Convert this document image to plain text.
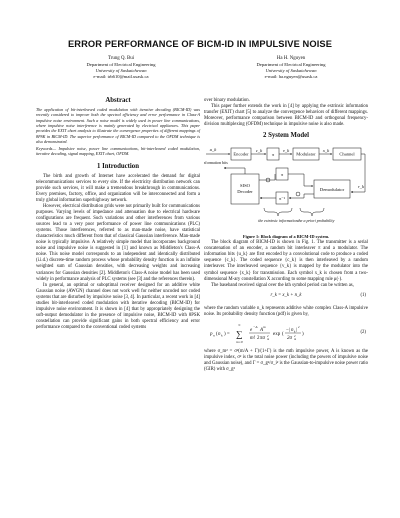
ERROR PERFORMANCE OF BICM-ID IN IMPULSIVE NOISE
Trung Q. Bui
Department of Electrical Engineering
University of Saskatchewan
e-mail: trb610@mail.usask.ca
Ha H. Nguyen
Department of Electrical Engineering
University of Saskatchewan
e-mail: ha.nguyen@usask.ca
Abstract
The application of bit-interleaved coded modulation with iterative decoding (BICM-ID) was recently considered to improve both the spectral efficiency and error performance in Class-A impulsive noise environment. Such a noise model is widely used in power line communications, where impulsive noise interference is mainly generated by electrical appliances. This paper provides the EXIT chart analysis to illustrate the convergence properties of different mappings of 8PSK in BICM-ID. The superior performance of BICM-ID compared to the OFDM technique is also demonstrated.
Keywords— Impulsive noise, power line communications, bit-interleaved coded modulation, iterative decoding, signal mapping, EXIT chart, OFDM.
1 Introduction

The birth and growth of Internet have accelerated the demand for digital telecommunications services to every site. If the electricity distribution network can provide such services, it will make a tremendous breakthrough in communications. Every premises, factory, office, and organization will be interconnected and form a truly global information superhighway network.

However, electrical distribution grids were not primarily built for communications purposes. Varying levels of impedance and attenuation due to electrical hardware configurations are frequent. Such variations and other interferences from various sources lead to a very poor performance of power line communications (PLC) systems. Those interferences, referred to as man-made noise, have statistical characteristics much different from that of classical Gaussian interference. Man-made noise is typically impulsive. A relatively simple model that incorporates background noise and impulsive noise is suggested in [1] and known as Middleton's Class-A noise. This noise model corresponds to an independent and identically distributed (i.i.d.) discrete-time random process whose probability density function is an infinite weighted sum of Gaussian densities, with decreasing weights and increasing variances for Gaussian densities [2]. Middleton's Class-A noise model has been used widely in performance analysis of PLC systems (see [3] and the references therein).

In general, an optimal or suboptimal receiver designed for an additive white Gaussian noise (AWGN) channel does not work well for neither uncoded nor coded systems that are disturbed by impulsive noise [3, 4]. In particular, a recent work in [4] studies bit-interleaved coded modulation with iterative decoding (BICM-ID) for impulsive noise environment. It is shown in [4] that by appropriately designing the soft-output demodulator in the presence of impulsive noise, BICM-ID with 8PSK constellation can provide significant gains in both spectral efficiency and error performance compared to the conventional coded systems

over binary modulation.

This paper further extends the work in [4] by applying the extrinsic information transfer (EXIT) chart [5] to analyze the convergence behaviors of different mappings. Moreover, performance comparison between BICM-ID and orthogonal frequency-division multiplexing (OFDM) technique in impulsive noise is also made.

2 System Model
u_k
information bits
Encoder
c_k
π
v_k
Modulator
x_k
Channel
SISO
Decoder
π
π⁻¹
Demodulator
r_k
the extrinsic information the a priori probability
Figure 1: Block diagram of a BICM-ID system.

The block diagram of BICM-ID is shown in Fig. 1. The transmitter is a serial concatenation of an encoder, a random bit interleaver π and a modulator. The information bits {u_k} are first encoded by a convolutional code to produce a coded sequence {c_k}. The coded sequence {c_k} is then interleaved by a random interleaver. The interleaved sequence {v_k} is mapped by the modulator into the symbol sequence {x_k} for transmission. Each symbol x_k is chosen from a two-dimensional M-ary constellation X according to some mapping rule μ(·).

The baseband received signal over the kth symbol period can be written as,

r_k = x_k + n_k	(1)
where the random variable n_k represents additive white complex Class-A impulsive noise. Its probability density function (pdf) is given by,
p n ( n k ) =
∞
∑
m=0
e
−A
A
m
m! 2 πσ m
2 exp (
−| n k |
2
2σ m
2 )	(2)
where σ_m² = σ²(m/A + Γ)/(1+Γ) is the mth impulsive power, A is known as the impulsive index, σ² is the total noise power (including the powers of impulsive noise and Gaussian noise), and Γ = σ_g²/σ_i² is the Gaussian-to-impulsive noise power ratio (GIR) with σ_g²
